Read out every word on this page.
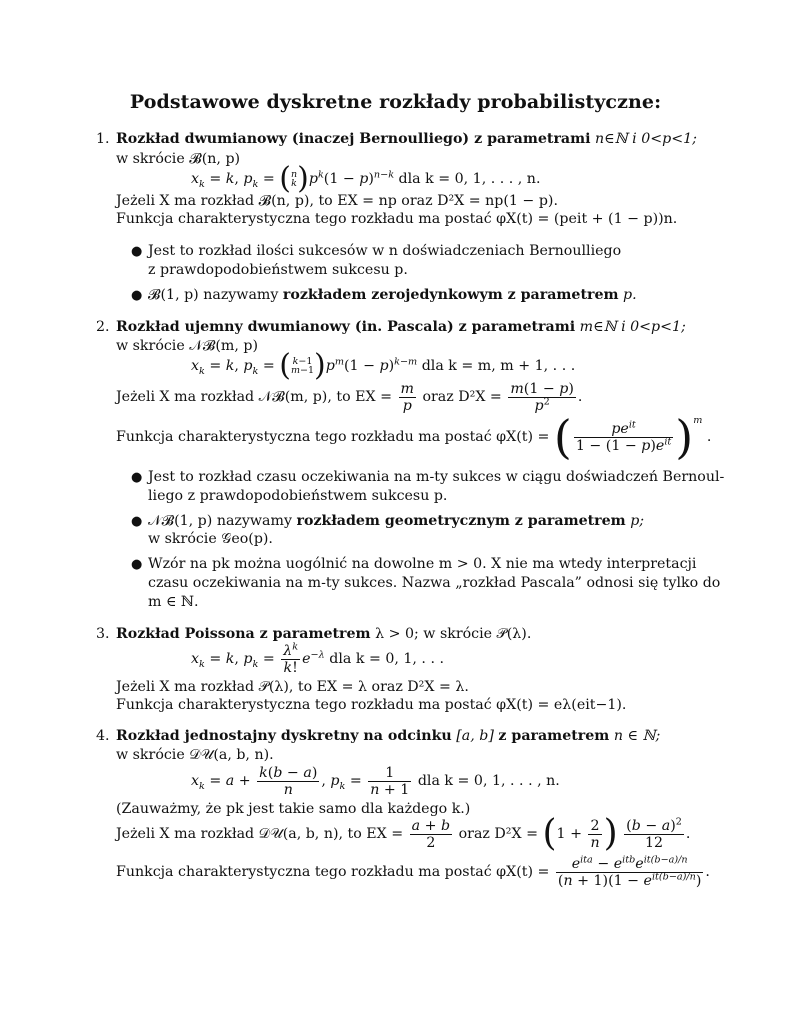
Podstawowe dyskretne rozkłady probabilistyczne:
1. Rozkład dwumianowy (inaczej Bernoulliego) z parametrami n∈ℕ i 0<p<1;
w skrócie 𝓑(n, p)
$x_k = k$, $p_k = (n$
$k)p^k(1 - p)^{n-k}$ dla k = 0, 1, . . . , n.
Jeżeli X ma rozkład 𝓑(n, p), to EX = np oraz D²X = np(1 − p).
Funkcja charakterystyczna tego rozkładu ma postać φX(t) = (peit + (1 − p))n.
● Jest to rozkład ilości sukcesów w n doświadczeniach Bernoulliego
z prawdopodobieństwem sukcesu p.
● 𝓑(1, p) nazywamy rozkładem zerojedynkowym z parametrem p.
2. Rozkład ujemny dwumianowy (in. Pascala) z parametrami m∈ℕ i 0<p<1;
w skrócie 𝒩𝓑(m, p)
$x_k = k$, $p_k$ = ( k−1
$m-1)p^m(1 - p)^{k-m}$ dla k = m, m + 1, . . .
Jeżeli X ma rozkład 𝒩𝓑(m, p), to EX = $\frac{m}{p}$ oraz $D^2X = \frac{m(1 - p)}{p^2}$ .
Funkcja charakterystyczna tego rozkładu ma postać φX(t) = ( $\frac{pe^{it}}{1 - (1 - p)e^{it}} )^m$ .
● Jest to rozkład czasu oczekiwania na m-ty sukces w ciągu doświadczeń Bernoul-
liego z prawdopodobieństwem sukcesu p.
● 𝒩𝓑(1, p) nazywamy rozkładem geometrycznym z parametrem p;
w skrócie 𝒢eo(p).
● Wzór na pk można uogólnić na dowolne m > 0. X nie ma wtedy interpretacji
czasu oczekiwania na m-ty sukces. Nazwa „rozkład Pascala” odnosi się tylko do
m ∈ ℕ.
3. Rozkład Poissona z parametrem λ > 0; w skrócie 𝒫(λ).
$x_k = k$, $p_k = \frac{\lambda^k}{k!} e^{-\lambda}$ dla k = 0, 1, . . .
Jeżeli X ma rozkład 𝒫(λ), to EX = λ oraz D²X = λ.
Funkcja charakterystyczna tego rozkładu ma postać φX(t) = eλ(eit−1).
4. Rozkład jednostajny dyskretny na odcinku [a, b] z parametrem n ∈ ℕ;
w skrócie 𝒟𝒰(a, b, n).
$x_k = a + \frac{k(b - a)}{n}$ , $p_k = \frac{1}{n + 1}$ dla k = 0, 1, . . . , n.
(Zauważmy, że pk jest takie samo dla każdego k.)
Jeżeli X ma rozkład 𝒟𝒰(a, b, n), to EX = $\frac{a + b}{2}$ oraz $D^2X = (1 + \frac{2}{n}$ ) $\frac{(b - a)^2}{12}$ .
Funkcja charakterystyczna tego rozkładu ma postać $\varphi X(t) = \frac{e^{ita} - e^{itb}e^{it(b-a)/n}}{(n + 1)(1 - e^{it(b-a)/n})}$ .
